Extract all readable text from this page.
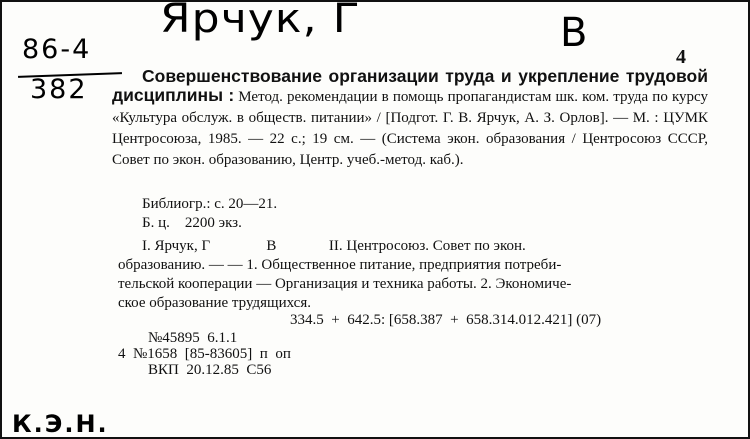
Ярчук, Г	В
86-4
382
4
Совершенствование организации труда и укрепление трудовой дисциплины : Метод. рекомендации в помощь пропагандистам шк. ком. труда по курсу «Культура обслуж. в обществ. питании» / [Подгот. Г. В. Ярчук, А. З. Орлов]. — М. : ЦУМК Центросоюза, 1985. — 22 с.; 19 см. — (Система экон. образования / Центросоюз СССР, Совет по экон. образованию, Центр. учеб.-метод. каб.).
Библиогр.: с. 20—21.
Б. ц.    2200 экз.
I. Ярчук, Г               В              II. Центросоюз. Совет по экон.
образованию. — — 1. Общественное питание, предприятия потреби-
тельской кооперации — Организация и техника работы. 2. Экономиче-
ское образование трудящихся.
334.5  +  642.5: [658.387  +  658.314.012.421] (07)
№45895  6.1.1
4  №1658  [85-83605]  п  оп
ВКП  20.12.85  С56
К.Э.Н.
